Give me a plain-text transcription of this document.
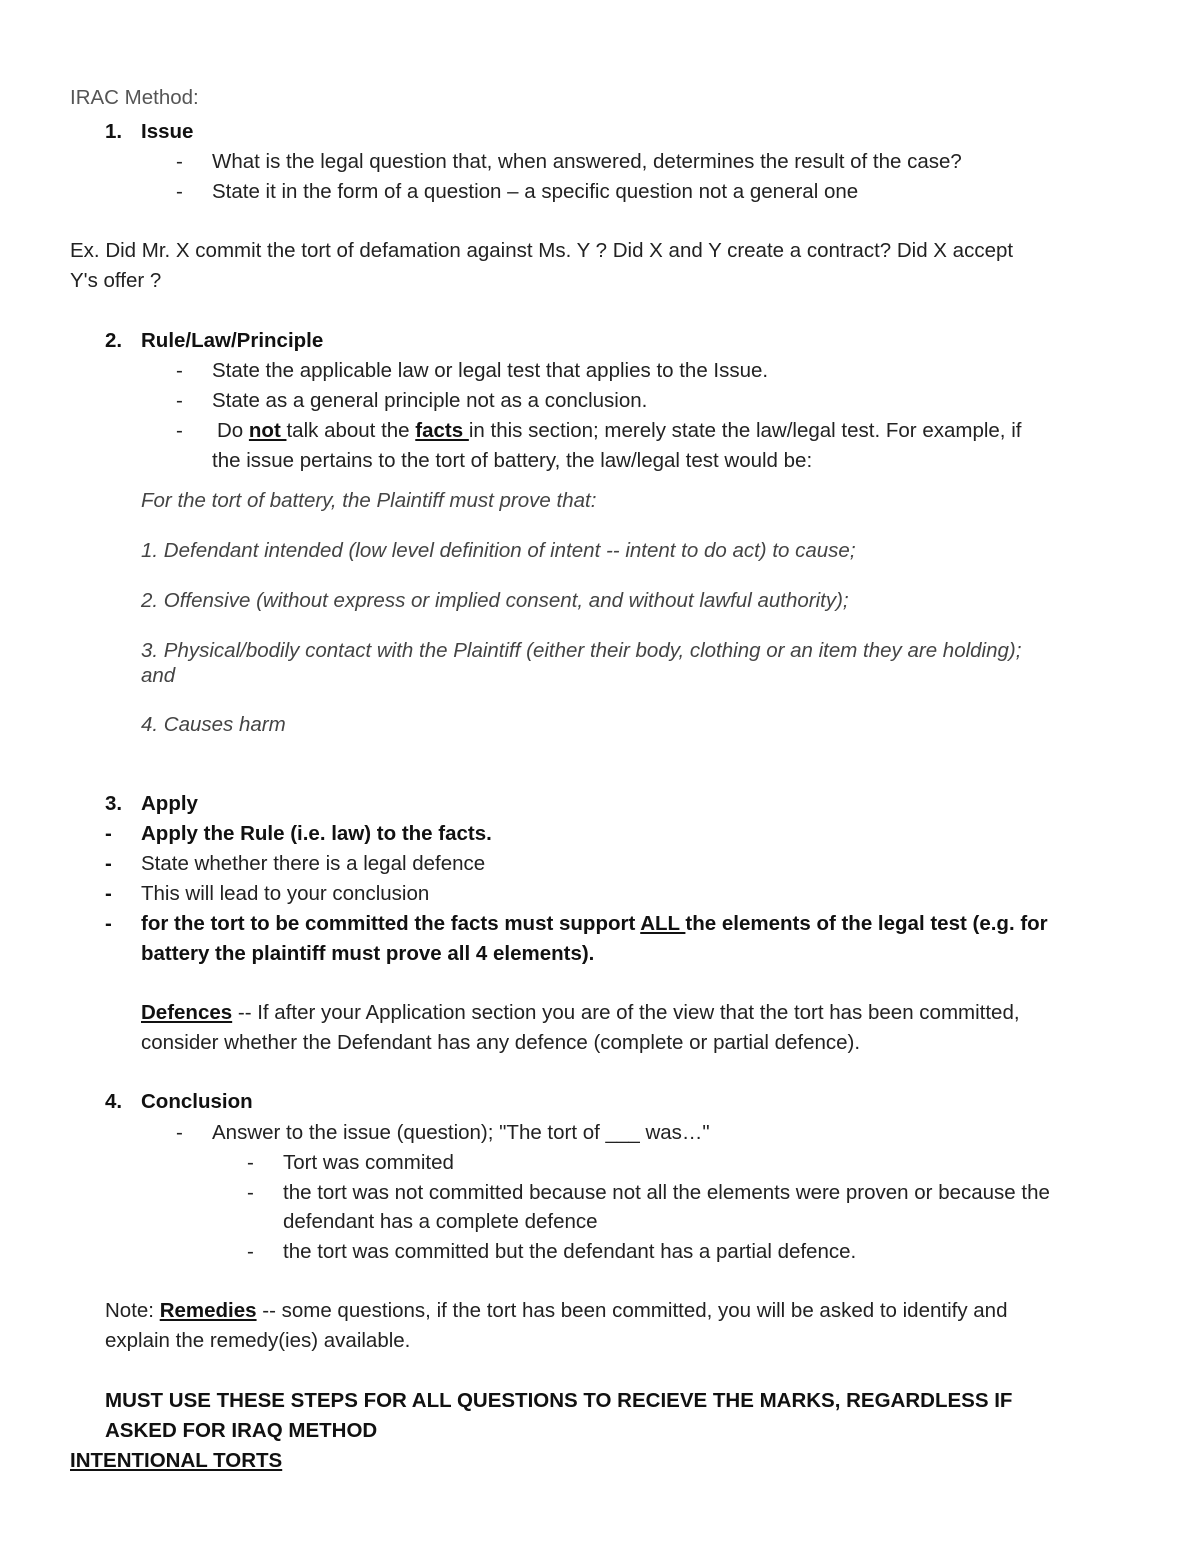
IRAC Method:
1. Issue
- What is the legal question that, when answered, determines the result of the case?
- State it in the form of a question – a specific question not a general one
Ex. Did Mr. X commit the tort of defamation against Ms. Y ? Did X and Y create a contract? Did X accept
Y's offer ?
2. Rule/Law/Principle
- State the applicable law or legal test that applies to the Issue.
- State as a general principle not as a conclusion.
- Do not talk about the facts in this section; merely state the law/legal test. For example, if
the issue pertains to the tort of battery, the law/legal test would be:
For the tort of battery, the Plaintiff must prove that:
1. Defendant intended (low level definition of intent -- intent to do act) to cause;
2. Offensive (without express or implied consent, and without lawful authority);
3. Physical/bodily contact with the Plaintiff (either their body, clothing or an item they are holding);
and
4. Causes harm
3. Apply
- Apply the Rule (i.e. law) to the facts.
- State whether there is a legal defence
- This will lead to your conclusion
- for the tort to be committed the facts must support ALL the elements of the legal test (e.g. for
battery the plaintiff must prove all 4 elements).
Defences -- If after your Application section you are of the view that the tort has been committed,
consider whether the Defendant has any defence (complete or partial defence).
4. Conclusion
- Answer to the issue (question); "The tort of ___ was…"
- Tort was commited
- the tort was not committed because not all the elements were proven or because the
defendant has a complete defence
- the tort was committed but the defendant has a partial defence.
Note: Remedies -- some questions, if the tort has been committed, you will be asked to identify and
explain the remedy(ies) available.
MUST USE THESE STEPS FOR ALL QUESTIONS TO RECIEVE THE MARKS, REGARDLESS IF
ASKED FOR IRAQ METHOD
INTENTIONAL TORTS
